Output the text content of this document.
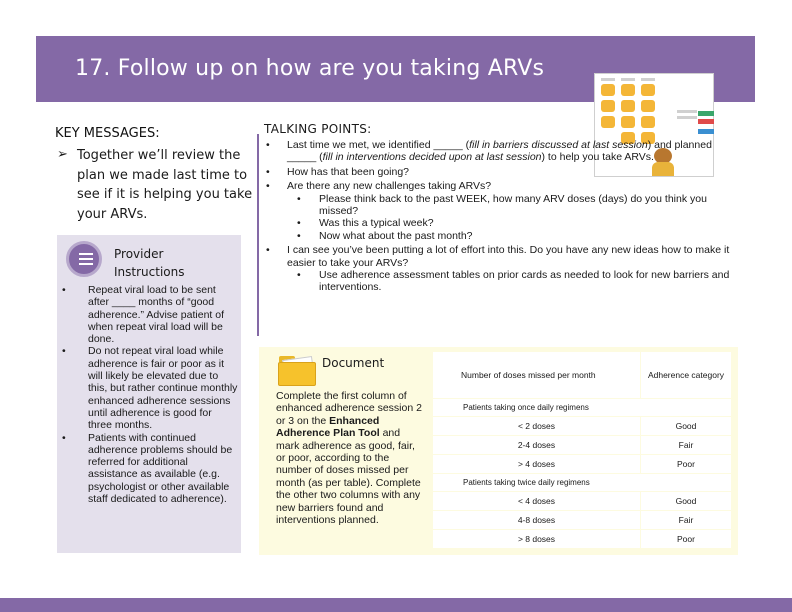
17. Follow up on how are you taking ARVs
KEY MESSAGES:
➢ Together we’ll review the plan we made last time to see if it is helping you take your ARVs.
Provider Instructions
• Repeat viral load to be sent after ____ months of “good adherence.” Advise patient of when repeat viral load will be done.
• Do not repeat viral load while adherence is fair or poor as it will likely be elevated due to this, but rather continue monthly enhanced adherence sessions until adherence is good for three months.
• Patients with continued adherence problems should be referred for additional assistance as available (e.g. psychologist or other available staff dedicated to adherence).
TALKING POINTS:
• Last time we met, we identified _____ (fill in barriers discussed at last session) and planned _____ (fill in interventions decided upon at last session) to help you take ARVs.
• How has that been going?
• Are there any new challenges taking ARVs?
• Please think back to the past WEEK, how many ARV doses (days) do you think you missed?
• Was this a typical week?
• Now what about the past month?
• I can see you’ve been putting a lot of effort into this. Do you have any new ideas how to make it easier to take your ARVs?
• Use adherence assessment tables on prior cards as needed to look for new barriers and interventions.
Document
Complete the first column of enhanced adherence session 2 or 3 on the Enhanced Adherence Plan Tool and mark adherence as good, fair, or poor, according to the number of doses missed per month (as per table). Complete the other two columns with any new barriers found and interventions planned.
Number of doses missed per month	Adherence category
Patients taking once daily regimens	
< 2 doses	Good
2-4 doses	Fair
> 4 doses	Poor
Patients taking twice daily regimens	
< 4 doses	Good
4-8 doses	Fair
> 8 doses	Poor
